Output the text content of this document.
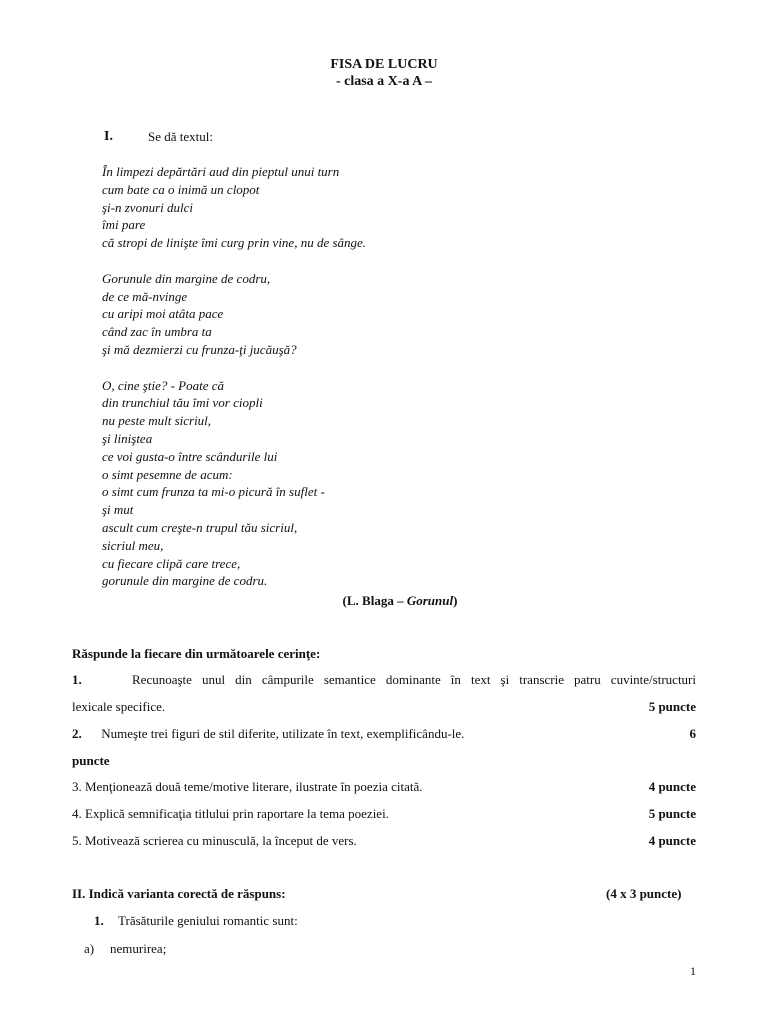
FISA DE LUCRU
- clasa a X-a A –
I.	Se dă textul:
În limpezi depărtări aud din pieptul unui turn
cum bate ca o inimă un clopot
şi-n zvonuri dulci
îmi pare
că stropi de linişte îmi curg prin vine, nu de sânge.
Gorunule din margine de codru,
de ce mă-nvinge
cu aripi moi atâta pace
când zac în umbra ta
şi mă dezmierzi cu frunza-ţi jucăuşă?
O, cine ştie? - Poate că
din trunchiul tău îmi vor ciopli
nu peste mult sicriul,
şi liniştea
ce voi gusta-o între scândurile lui
o simt pesemne de acum:
o simt cum frunza ta mi-o picură în suflet -
şi mut
ascult cum creşte-n trupul tău sicriul,
sicriul meu,
cu fiecare clipă care trece,
gorunule din margine de codru.
(L. Blaga – Gorunul)
Răspunde la fiecare din următoarele cerinţe:
1.	Recunoaşte unul din câmpurile semantice dominante în text şi transcrie patru cuvinte/structuri
lexicale specifice.	5 puncte
2. Numeşte trei figuri de stil diferite, utilizate în text, exemplificându-le.	6
puncte
3. Menţionează două teme/motive literare, ilustrate în poezia citată.	4 puncte
4. Explică semnificaţia titlului prin raportare la tema poeziei.	5 puncte
5. Motivează scrierea cu minusculă, la început de vers.	4 puncte
II. Indică varianta corectă de răspuns:	(4 x 3 puncte)
1. Trăsăturile geniului romantic sunt:
a) nemurirea;
1
